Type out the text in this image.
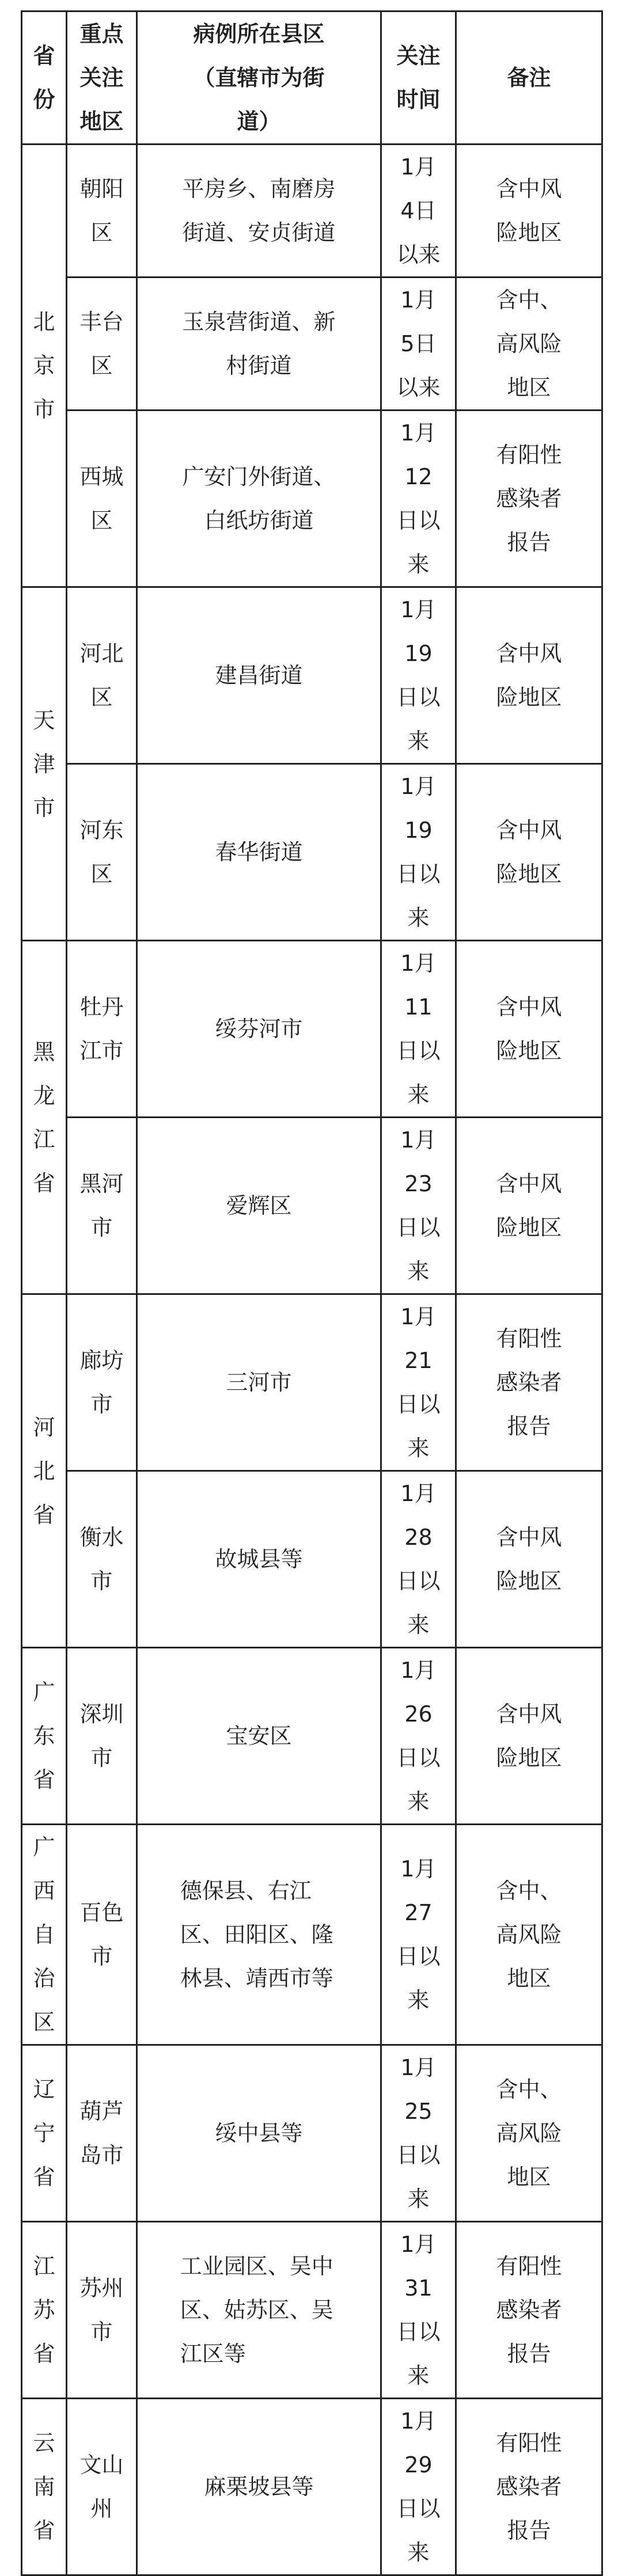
省份	重点关注地区	病例所在县区（直辖市为街道）	关注时间	备注
北京市	朝阳区	平房乡、南磨房街道、安贞街道	1月4日以来	含中风险地区
	丰台区	玉泉营街道、新村街道	1月5日以来	含中、高风险地区
	西城区	广安门外街道、白纸坊街道	1月12日以来	有阳性感染者报告
天津市	河北区	建昌街道	1月19日以来	含中风险地区
	河东区	春华街道	1月19日以来	含中风险地区
黑龙江省	牡丹江市	绥芬河市	1月11日以来	含中风险地区
	黑河市	爱辉区	1月23日以来	含中风险地区
河北省	廊坊市	三河市	1月21日以来	有阳性感染者报告
	衡水市	故城县等	1月28日以来	含中风险地区
广东省	深圳市	宝安区	1月26日以来	含中风险地区
广西自治区	百色市	德保县、右江区、田阳区、隆林县、靖西市等	1月27日以来	含中、高风险地区
辽宁省	葫芦岛市	绥中县等	1月25日以来	含中、高风险地区
江苏省	苏州市	工业园区、吴中区、姑苏区、吴江区等	1月31日以来	有阳性感染者报告
云南省	文山州	麻栗坡县等	1月29日以来	有阳性感染者报告
